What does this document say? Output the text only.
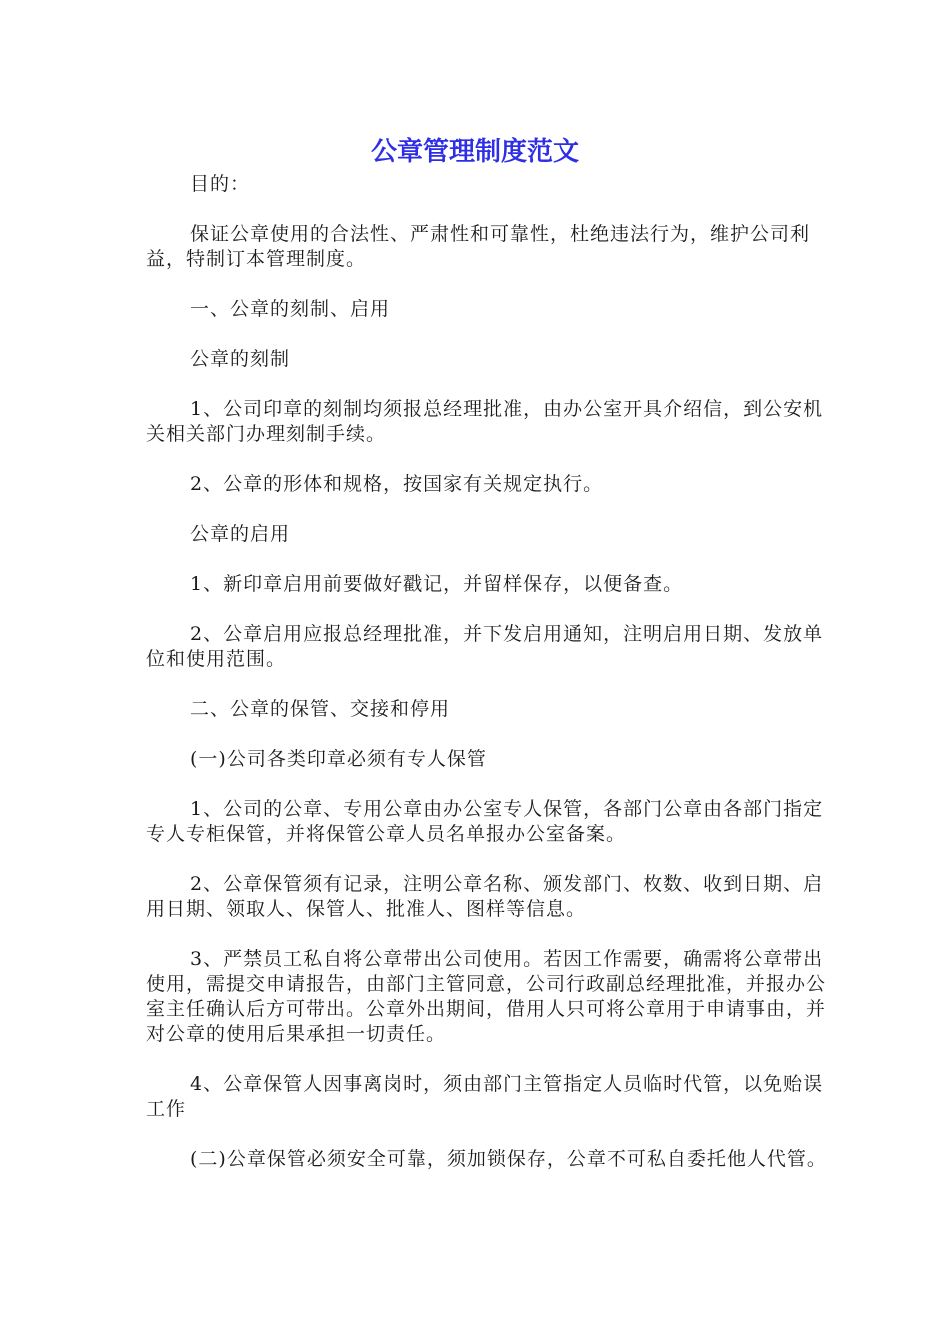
公章管理制度范文

目的：

保证公章使用的合法性、严肃性和可靠性，杜绝违法行为，维护公司利益，特制订本管理制度。

一、公章的刻制、启用

公章的刻制

1、公司印章的刻制均须报总经理批准，由办公室开具介绍信，到公安机关相关部门办理刻制手续。

2、公章的形体和规格，按国家有关规定执行。

公章的启用

1、新印章启用前要做好戳记，并留样保存，以便备查。

2、公章启用应报总经理批准，并下发启用通知，注明启用日期、发放单位和使用范围。

二、公章的保管、交接和停用

(一)公司各类印章必须有专人保管

1、公司的公章、专用公章由办公室专人保管，各部门公章由各部门指定专人专柜保管，并将保管公章人员名单报办公室备案。

2、公章保管须有记录，注明公章名称、颁发部门、枚数、收到日期、启用日期、领取人、保管人、批准人、图样等信息。

3、严禁员工私自将公章带出公司使用。若因工作需要，确需将公章带出使用，需提交申请报告，由部门主管同意，公司行政副总经理批准，并报办公室主任确认后方可带出。公章外出期间，借用人只可将公章用于申请事由，并对公章的使用后果承担一切责任。

4、公章保管人因事离岗时，须由部门主管指定人员临时代管，以免贻误工作

(二)公章保管必须安全可靠，须加锁保存，公章不可私自委托他人代管。
